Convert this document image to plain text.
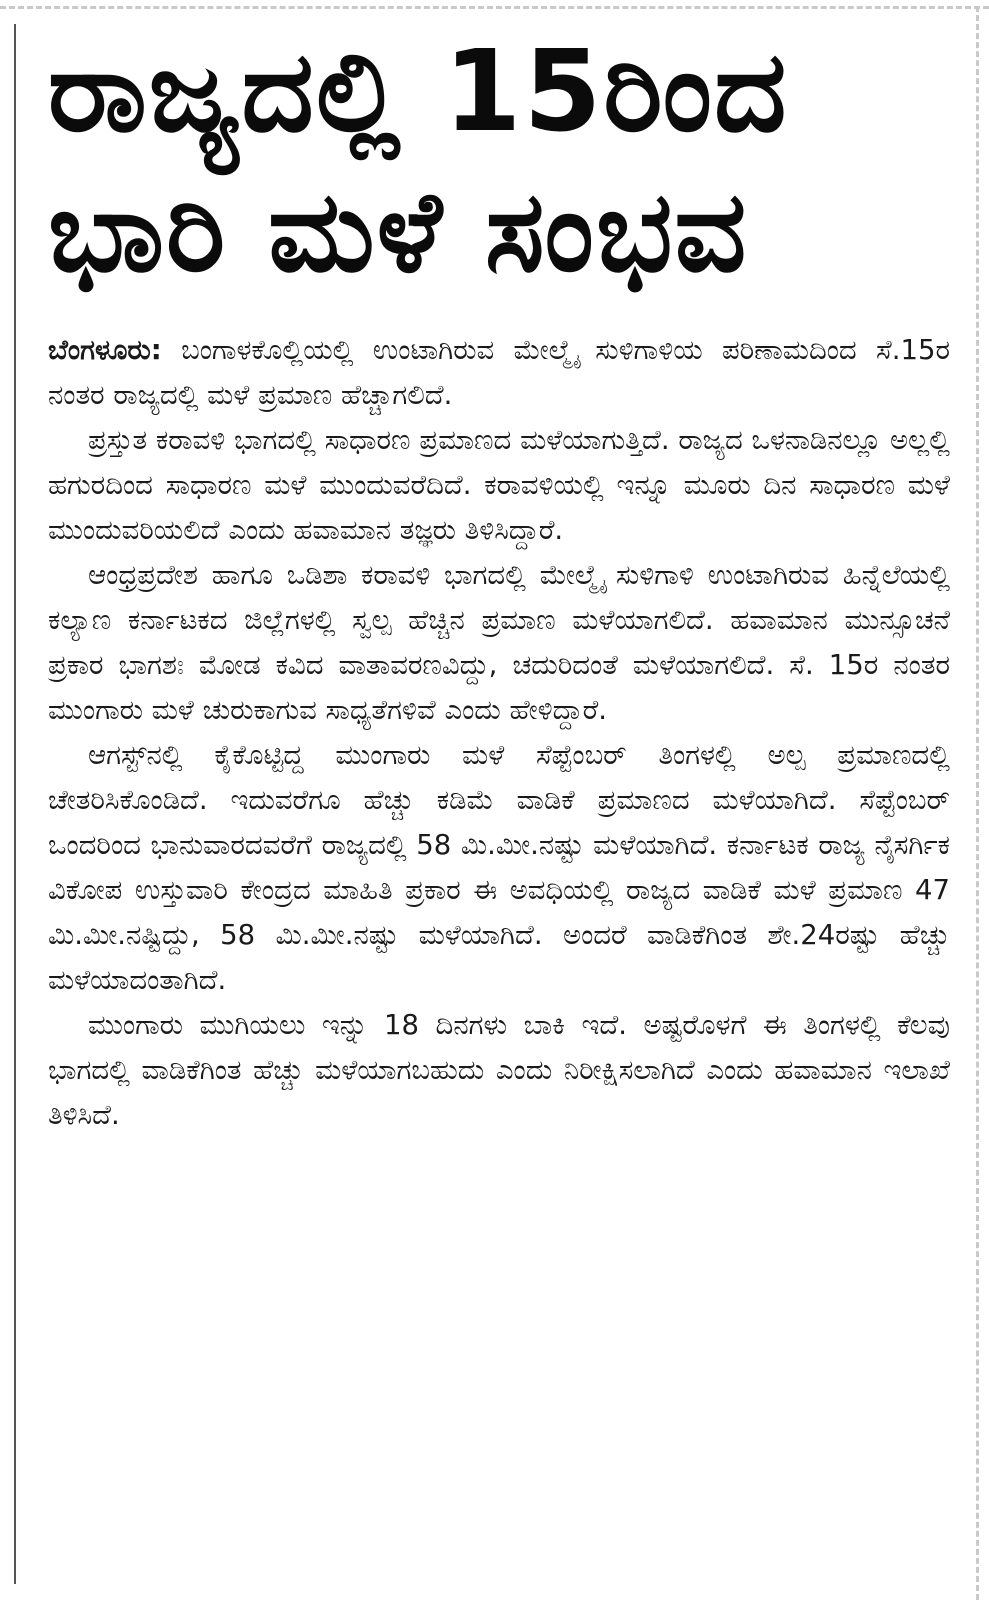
ರಾಜ್ಯದಲ್ಲಿ 15ರಿಂದ
ಭಾರಿ ಮಳೆ ಸಂಭವ

ಬೆಂಗಳೂರು: ಬಂಗಾಳಕೊಲ್ಲಿಯಲ್ಲಿ ಉಂಟಾಗಿರುವ ಮೇಲ್ಮೈ ಸುಳಿಗಾಳಿಯ ಪರಿಣಾಮದಿಂದ ಸೆ.15ರ ನಂತರ ರಾಜ್ಯದಲ್ಲಿ ಮಳೆ ಪ್ರಮಾಣ ಹೆಚ್ಚಾಗಲಿದೆ.

ಪ್ರಸ್ತುತ ಕರಾವಳಿ ಭಾಗದಲ್ಲಿ ಸಾಧಾರಣ ಪ್ರಮಾಣದ ಮಳೆಯಾಗುತ್ತಿದೆ. ರಾಜ್ಯದ ಒಳನಾಡಿನಲ್ಲೂ ಅಲ್ಲಲ್ಲಿ ಹಗುರದಿಂದ ಸಾಧಾರಣ ಮಳೆ ಮುಂದುವರೆದಿದೆ. ಕರಾವಳಿಯಲ್ಲಿ ಇನ್ನೂ ಮೂರು ದಿನ ಸಾಧಾರಣ ಮಳೆ ಮುಂದುವರಿಯಲಿದೆ ಎಂದು ಹವಾಮಾನ ತಜ್ಞರು ತಿಳಿಸಿದ್ದಾರೆ.

ಆಂಧ್ರಪ್ರದೇಶ ಹಾಗೂ ಒಡಿಶಾ ಕರಾವಳಿ ಭಾಗದಲ್ಲಿ ಮೇಲ್ಮೈ ಸುಳಿಗಾಳಿ ಉಂಟಾಗಿರುವ ಹಿನ್ನೆಲೆಯಲ್ಲಿ ಕಲ್ಯಾಣ ಕರ್ನಾಟಕದ ಜಿಲ್ಲೆಗಳಲ್ಲಿ ಸ್ವಲ್ಪ ಹೆಚ್ಚಿನ ಪ್ರಮಾಣ ಮಳೆಯಾಗಲಿದೆ. ಹವಾಮಾನ ಮುನ್ಸೂಚನೆ ಪ್ರಕಾರ ಭಾಗಶಃ ಮೋಡ ಕವಿದ ವಾತಾವರಣವಿದ್ದು, ಚದುರಿದಂತೆ ಮಳೆಯಾಗಲಿದೆ. ಸೆ. 15ರ ನಂತರ ಮುಂಗಾರು ಮಳೆ ಚುರುಕಾಗುವ ಸಾಧ್ಯತೆಗಳಿವೆ ಎಂದು ಹೇಳಿದ್ದಾರೆ.

ಆಗಸ್ಟ್‌ನಲ್ಲಿ ಕೈಕೊಟ್ಟಿದ್ದ ಮುಂಗಾರು ಮಳೆ ಸೆಪ್ಟೆಂಬರ್ ತಿಂಗಳಲ್ಲಿ ಅಲ್ಪ ಪ್ರಮಾಣದಲ್ಲಿ ಚೇತರಿಸಿಕೊಂಡಿದೆ. ಇದುವರೆಗೂ ಹೆಚ್ಚು ಕಡಿಮೆ ವಾಡಿಕೆ ಪ್ರಮಾಣದ ಮಳೆಯಾಗಿದೆ. ಸೆಪ್ಟೆಂಬರ್ ಒಂದರಿಂದ ಭಾನುವಾರದವರೆಗೆ ರಾಜ್ಯದಲ್ಲಿ 58 ಮಿ.ಮೀ.ನಷ್ಟು ಮಳೆಯಾಗಿದೆ. ಕರ್ನಾಟಕ ರಾಜ್ಯ ನೈಸರ್ಗಿಕ ವಿಕೋಪ ಉಸ್ತುವಾರಿ ಕೇಂದ್ರದ ಮಾಹಿತಿ ಪ್ರಕಾರ ಈ ಅವಧಿಯಲ್ಲಿ ರಾಜ್ಯದ ವಾಡಿಕೆ ಮಳೆ ಪ್ರಮಾಣ 47 ಮಿ.ಮೀ.ನಷ್ಟಿದ್ದು, 58 ಮಿ.ಮೀ.ನಷ್ಟು ಮಳೆಯಾಗಿದೆ. ಅಂದರೆ ವಾಡಿಕೆಗಿಂತ ಶೇ.24ರಷ್ಟು ಹೆಚ್ಚು ಮಳೆಯಾದಂತಾಗಿದೆ.

ಮುಂಗಾರು ಮುಗಿಯಲು ಇನ್ನು 18 ದಿನಗಳು ಬಾಕಿ ಇದೆ. ಅಷ್ಟರೊಳಗೆ ಈ ತಿಂಗಳಲ್ಲಿ ಕೆಲವು ಭಾಗದಲ್ಲಿ ವಾಡಿಕೆಗಿಂತ ಹೆಚ್ಚು ಮಳೆಯಾಗಬಹುದು ಎಂದು ನಿರೀಕ್ಷಿಸಲಾಗಿದೆ ಎಂದು ಹವಾಮಾನ ಇಲಾಖೆ ತಿಳಿಸಿದೆ.
